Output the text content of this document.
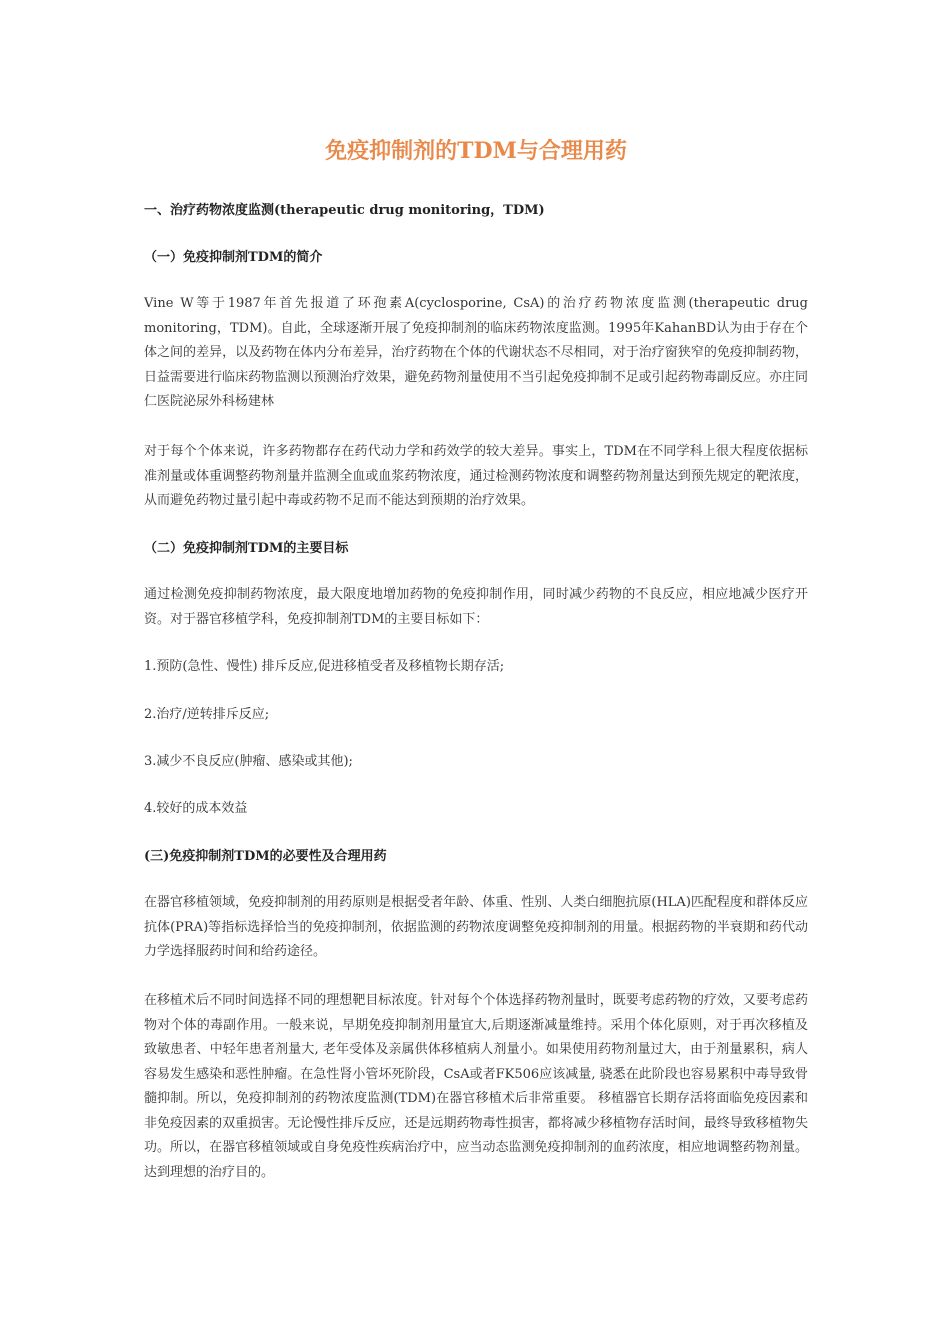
免疫抑制剂的TDM与合理用药

一、治疗药物浓度监测(therapeutic drug monitoring，TDM)

（一）免疫抑制剂TDM的简介

Vine W等于1987年首先报道了环孢素A(cyclosporine, CsA)的治疗药物浓度监测(therapeutic drug monitoring，TDM)。自此，全球逐渐开展了免疫抑制剂的临床药物浓度监测。1995年KahanBD认为由于存在个体之间的差异，以及药物在体内分布差异，治疗药物在个体的代谢状态不尽相同，对于治疗窗狭窄的免疫抑制药物，日益需要进行临床药物监测以预测治疗效果，避免药物剂量使用不当引起免疫抑制不足或引起药物毒副反应。亦庄同仁医院泌尿外科杨建林

对于每个个体来说，许多药物都存在药代动力学和药效学的较大差异。事实上，TDM在不同学科上很大程度依据标准剂量或体重调整药物剂量并监测全血或血浆药物浓度，通过检测药物浓度和调整药物剂量达到预先规定的靶浓度，从而避免药物过量引起中毒或药物不足而不能达到预期的治疗效果。

（二）免疫抑制剂TDM的主要目标

通过检测免疫抑制药物浓度，最大限度地增加药物的免疫抑制作用，同时减少药物的不良反应，相应地减少医疗开资。对于器官移植学科，免疫抑制剂TDM的主要目标如下：

1.预防(急性、慢性) 排斥反应,促进移植受者及移植物长期存活;

2.治疗/逆转排斥反应;

3.减少不良反应(肿瘤、感染或其他);

4.较好的成本效益

(三)免疫抑制剂TDM的必要性及合理用药

在器官移植领域，免疫抑制剂的用药原则是根据受者年龄、体重、性别、人类白细胞抗原(HLA)匹配程度和群体反应抗体(PRA)等指标选择恰当的免疫抑制剂，依据监测的药物浓度调整免疫抑制剂的用量。根据药物的半衰期和药代动力学选择服药时间和给药途径。

在移植术后不同时间选择不同的理想靶目标浓度。针对每个个体选择药物剂量时，既要考虑药物的疗效，又要考虑药物对个体的毒副作用。一般来说，早期免疫抑制剂用量宜大,后期逐渐减量维持。采用个体化原则，对于再次移植及致敏患者、中轻年患者剂量大, 老年受体及亲属供体移植病人剂量小。如果使用药物剂量过大，由于剂量累积，病人容易发生感染和恶性肿瘤。在急性肾小管坏死阶段，CsA或者FK506应该减量, 骁悉在此阶段也容易累积中毒导致骨髓抑制。所以，免疫抑制剂的药物浓度监测(TDM)在器官移植术后非常重要。 移植器官长期存活将面临免疫因素和非免疫因素的双重损害。无论慢性排斥反应，还是远期药物毒性损害，都将减少移植物存活时间，最终导致移植物失功。所以，在器官移植领域或自身免疫性疾病治疗中，应当动态监测免疫抑制剂的血药浓度，相应地调整药物剂量。达到理想的治疗目的。
